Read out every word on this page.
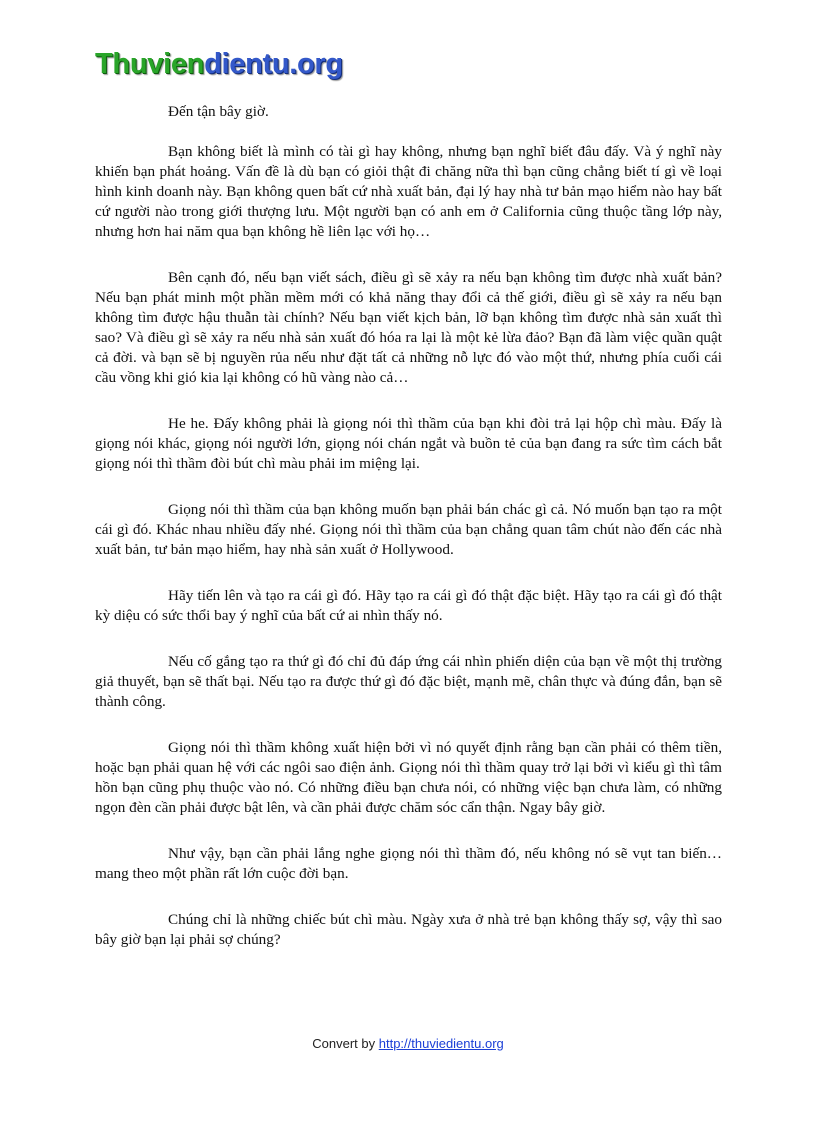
Thuviendientu.org

Đến tận bây giờ.

Bạn không biết là mình có tài gì hay không, nhưng bạn nghĩ biết đâu đấy. Và ý nghĩ này khiến bạn phát hoảng. Vấn đề là dù bạn có giỏi thật đi chăng nữa thì bạn cũng chẳng biết tí gì về loại hình kinh doanh này. Bạn không quen bất cứ nhà xuất bản, đại lý hay nhà tư bản mạo hiểm nào hay bất cứ người nào trong giới thượng lưu. Một người bạn có anh em ở California cũng thuộc tầng lớp này, nhưng hơn hai năm qua bạn không hề liên lạc với họ…

Bên cạnh đó, nếu bạn viết sách, điều gì sẽ xảy ra nếu bạn không tìm được nhà xuất bản? Nếu bạn phát minh một phần mềm mới có khả năng thay đổi cả thế giới, điều gì sẽ xảy ra nếu bạn không tìm được hậu thuẫn tài chính? Nếu bạn viết kịch bản, lỡ bạn không tìm được nhà sản xuất thì sao? Và điều gì sẽ xảy ra nếu nhà sản xuất đó hóa ra lại là một kẻ lừa đảo? Bạn đã làm việc quần quật cả đời. và bạn sẽ bị nguyền rủa nếu như đặt tất cả những nỗ lực đó vào một thứ, nhưng phía cuối cái cầu vồng khi gió kia lại không có hũ vàng nào cả…

He he. Đấy không phải là giọng nói thì thầm của bạn khi đòi trả lại hộp chì màu. Đấy là giọng nói khác, giọng nói người lớn, giọng nói chán ngắt và buồn tẻ của bạn đang ra sức tìm cách bắt giọng nói thì thầm đòi bút chì màu phải im miệng lại.

Giọng nói thì thầm của bạn không muốn bạn phải bán chác gì cả. Nó muốn bạn tạo ra một cái gì đó. Khác nhau nhiều đấy nhé. Giọng nói thì thầm của bạn chẳng quan tâm chút nào đến các nhà xuất bản, tư bản mạo hiểm, hay nhà sản xuất ở Hollywood.

Hãy tiến lên và tạo ra cái gì đó. Hãy tạo ra cái gì đó thật đặc biệt. Hãy tạo ra cái gì đó thật kỳ diệu có sức thổi bay ý nghĩ của bất cứ ai nhìn thấy nó.

Nếu cố gắng tạo ra thứ gì đó chỉ đủ đáp ứng cái nhìn phiến diện của bạn về một thị trường giả thuyết, bạn sẽ thất bại. Nếu tạo ra được thứ gì đó đặc biệt, mạnh mẽ, chân thực và đúng đắn, bạn sẽ thành công.

Giọng nói thì thầm không xuất hiện bởi vì nó quyết định rằng bạn cần phải có thêm tiền, hoặc bạn phải quan hệ với các ngôi sao điện ảnh. Giọng nói thì thầm quay trở lại bởi vì kiểu gì thì tâm hồn bạn cũng phụ thuộc vào nó. Có những điều bạn chưa nói, có những việc bạn chưa làm, có những ngọn đèn cần phải được bật lên, và cần phải được chăm sóc cẩn thận. Ngay bây giờ.

Như vậy, bạn cần phải lắng nghe giọng nói thì thầm đó, nếu không nó sẽ vụt tan biến… mang theo một phần rất lớn cuộc đời bạn.

Chúng chỉ là những chiếc bút chì màu. Ngày xưa ở nhà trẻ bạn không thấy sợ, vậy thì sao bây giờ bạn lại phải sợ chúng?

Convert by http://thuviedientu.org
